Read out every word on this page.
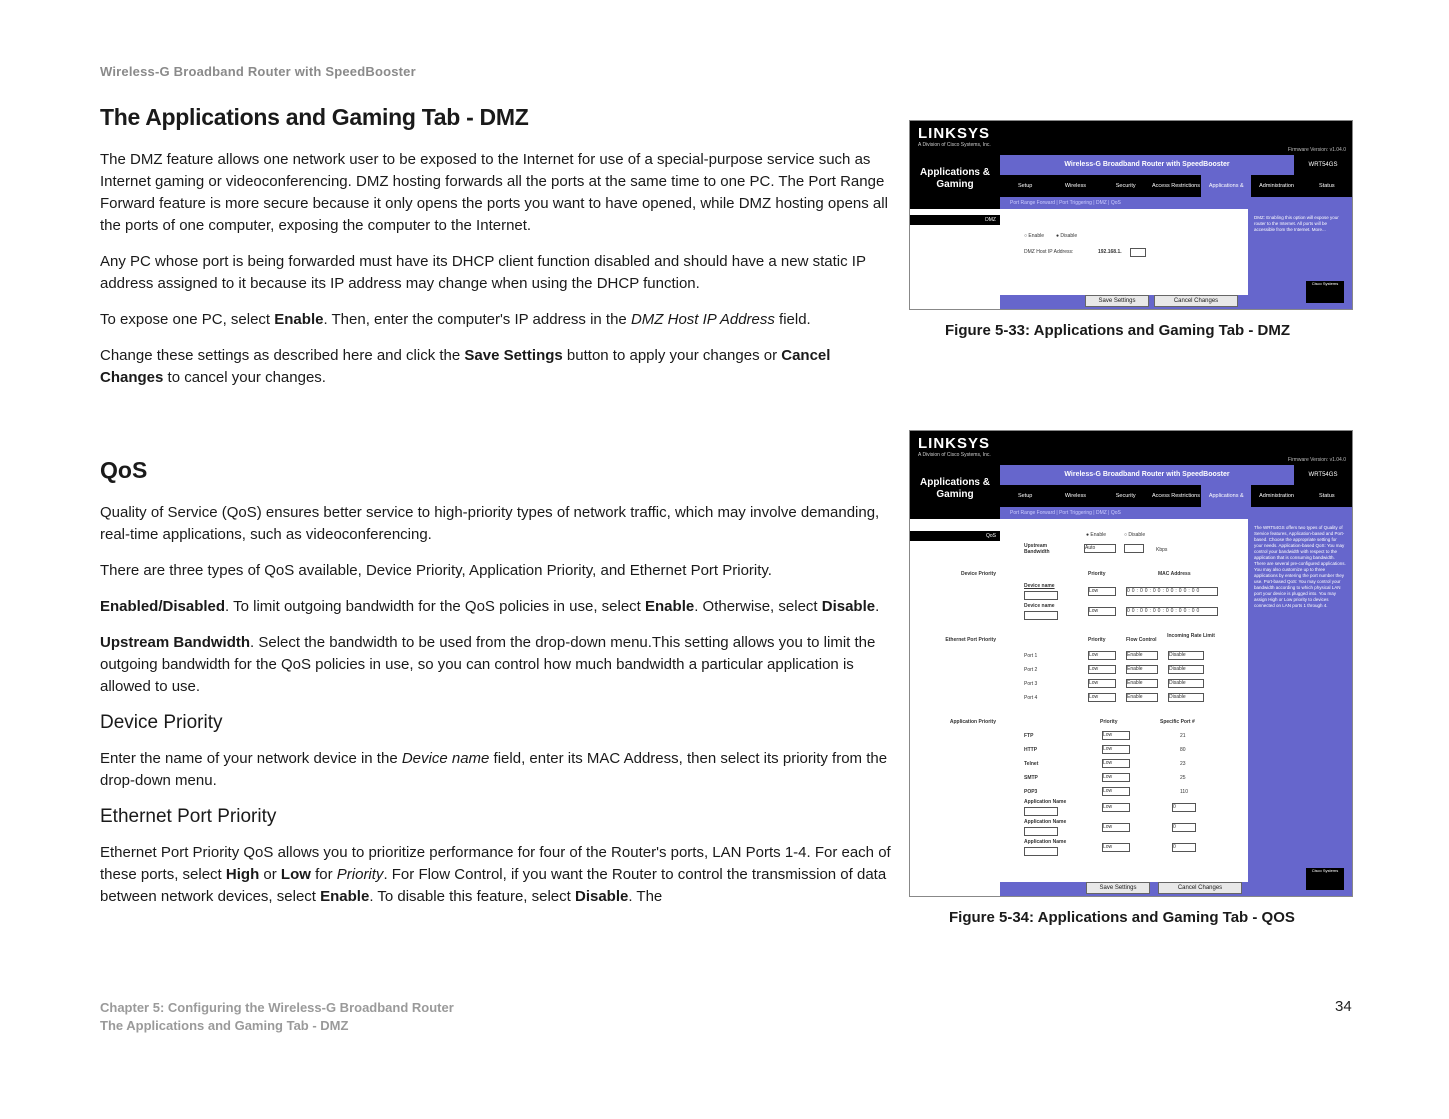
Wireless-G Broadband Router with SpeedBooster
The Applications and Gaming Tab - DMZ

The DMZ feature allows one network user to be exposed to the Internet for use of a special-purpose service such as Internet gaming or videoconferencing. DMZ hosting forwards all the ports at the same time to one PC. The Port Range Forward feature is more secure because it only opens the ports you want to have opened, while DMZ hosting opens all the ports of one computer, exposing the computer to the Internet.

Any PC whose port is being forwarded must have its DHCP client function disabled and should have a new static IP address assigned to it because its IP address may change when using the DHCP function.

To expose one PC, select Enable. Then, enter the computer's IP address in the DMZ Host IP Address field.

Change these settings as described here and click the Save Settings button to apply your changes or Cancel Changes to cancel your changes.

QoS

Quality of Service (QoS) ensures better service to high-priority types of network traffic, which may involve demanding, real-time applications, such as videoconferencing.

There are three types of QoS available, Device Priority, Application Priority, and Ethernet Port Priority.

Enabled/Disabled. To limit outgoing bandwidth for the QoS policies in use, select Enable. Otherwise, select Disable.

Upstream Bandwidth. Select the bandwidth to be used from the drop-down menu.This setting allows you to limit the outgoing bandwidth for the QoS policies in use, so you can control how much bandwidth a particular application is allowed to use.

Device Priority

Enter the name of your network device in the Device name field, enter its MAC Address, then select its priority from the drop-down menu.

Ethernet Port Priority

Ethernet Port Priority QoS allows you to prioritize performance for four of the Router's ports, LAN Ports 1-4. For each of these ports, select High or Low for Priority. For Flow Control, if you want the Router to control the transmission of data between network devices, select Enable. To disable this feature, select Disable. The

LINKSYS
A Division of Cisco Systems, Inc.
Firmware Version: v1.04.0
Applications & Gaming
Wireless-G Broadband Router with SpeedBooster	WRT54GS
Setup	Wireless	Security	Access Restrictions	Applications &	Administration	Status
Port Range Forward | Port Triggering | DMZ | QoS
DMZ
○ Enable ● Disable
DMZ Host IP Address:	192.168.1.
DMZ: Enabling this option will expose your router to the Internet. All ports will be accessible from the Internet. More...
Cisco Systems
Save Settings	Cancel Changes
Figure 5-33: Applications and Gaming Tab - DMZ
LINKSYS
A Division of Cisco Systems, Inc.
Firmware Version: v1.04.0
Applications & Gaming
Wireless-G Broadband Router with SpeedBooster	WRT54GS
Setup	Wireless	Security	Access Restrictions	Applications &	Administration	Status
Port Range Forward | Port Triggering | DMZ | QoS
QoS
Device Priority
Ethernet Port Priority
Application Priority
Upstream Bandwidth
● Enable	○ Disable
Auto	Kbps
Priority	MAC Address
Device name
Low	00:00:00:00:00:00
Device name
Low	00:00:00:00:00:00
Priority	Flow Control
Incoming Rate Limit
Port 1	Low	Enable	Disable
Port 2	Low	Enable	Disable
Port 3	Low	Enable	Disable
Port 4	Low	Enable	Disable
Priority	Specific Port #
FTP	Low	21
HTTP	Low	80
Telnet	Low	23
SMTP	Low	25
POP3	Low	110
Application Name
Low	0
Application Name
Low	0
Application Name
Low	0
The WRT54GS offers two types of Quality of Service features, Application-based and Port-based. Choose the appropriate setting for your needs. Application-based QoS: You may control your bandwidth with respect to the application that is consuming bandwidth. There are several pre-configured applications. You may also customize up to three applications by entering the port number they use. Port-based QoS: You may control your bandwidth according to which physical LAN port your device is plugged into. You may assign High or Low priority to devices connected on LAN ports 1 through 4.
Cisco Systems
Save Settings	Cancel Changes
Figure 5-34: Applications and Gaming Tab - QOS
Chapter 5: Configuring the Wireless-G Broadband Router
The Applications and Gaming Tab - DMZ
34
